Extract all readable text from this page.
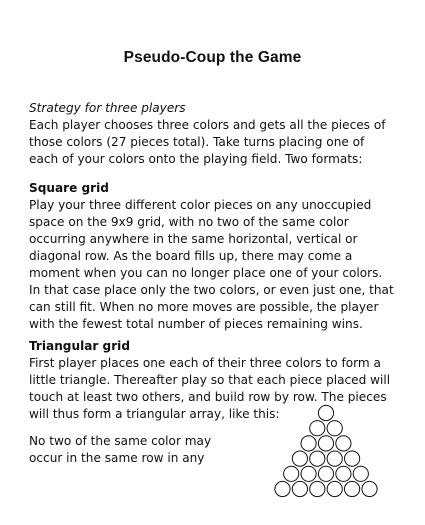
Pseudo-Coup the Game
Strategy for three players
Each player chooses three colors and gets all the pieces of
those colors (27 pieces total). Take turns placing one of
each of your colors onto the playing field. Two formats:
Square grid
Play your three different color pieces on any unoccupied
space on the 9x9 grid, with no two of the same color
occurring anywhere in the same horizontal, vertical or
diagonal row. As the board fills up, there may come a
moment when you can no longer place one of your colors.
In that case place only the two colors, or even just one, that
can still fit. When no more moves are possible, the player
with the fewest total number of pieces remaining wins.
Triangular grid
First player places one each of their three colors to form a
little triangle. Thereafter play so that each piece placed will
touch at least two others, and build row by row. The pieces
will thus form a triangular array, like this:
No two of the same color may
occur in the same row in any
